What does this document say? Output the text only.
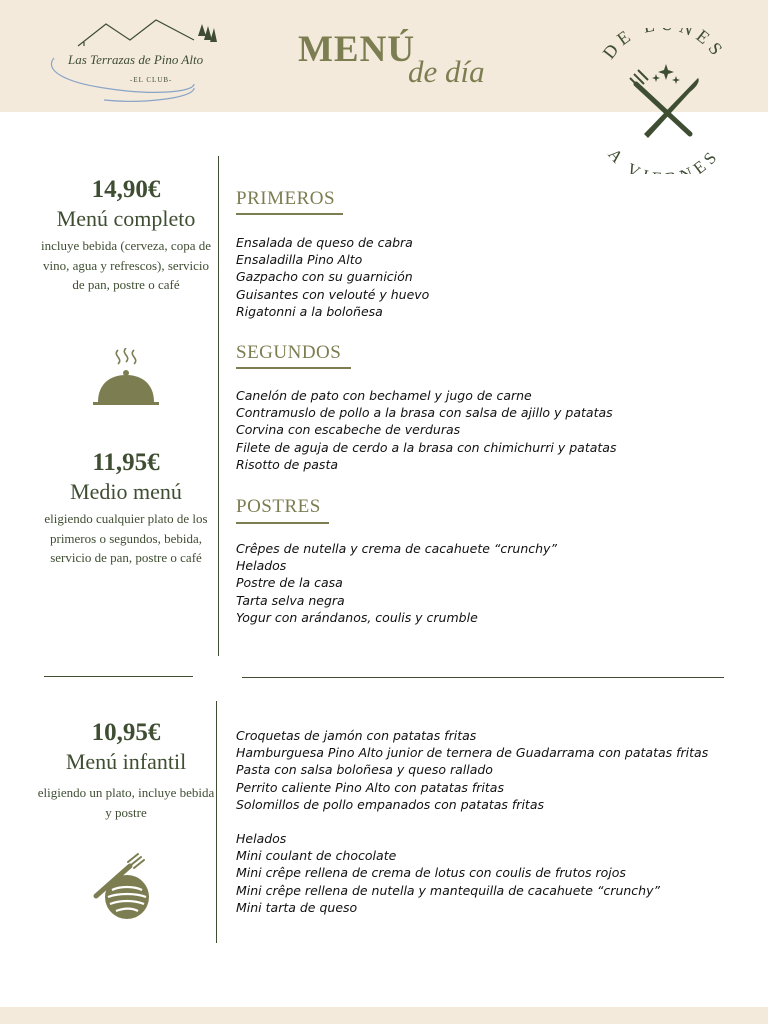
Las Terrazas de Pino Alto
-EL CLUB-
MENÚ
de día
DE NES
A V NES
14,90€
Menú completo
incluye bebida (cerveza, copa de vino, agua y refrescos), servicio de pan, postre o café
11,95€
Medio menú
eligiendo cualquier plato de los primeros o segundos, bebida, servicio de pan, postre o café
10,95€
Menú infantil
eligiendo un plato, incluye bebida y postre
PRIMEROS
Ensalada de queso de cabra
Ensaladilla Pino Alto
Gazpacho con su guarnición
Guisantes con velouté y huevo
Rigatonni a la boloñesa
SEGUNDOS
Canelón de pato con bechamel y jugo de carne
Contramuslo de pollo a la brasa con salsa de ajillo y patatas
Corvina con escabeche de verduras
Filete de aguja de cerdo a la brasa con chimichurri y patatas
Risotto de pasta
POSTRES
Crêpes de nutella y crema de cacahuete “crunchy”
Helados
Postre de la casa
Tarta selva negra
Yogur con arándanos, coulis y crumble
Croquetas de jamón con patatas fritas
Hamburguesa Pino Alto junior de ternera de Guadarrama con patatas fritas
Pasta con salsa boloñesa y queso rallado
Perrito caliente Pino Alto con patatas fritas
Solomillos de pollo empanados con patatas fritas
Helados
Mini coulant de chocolate
Mini crêpe rellena de crema de lotus con coulis de frutos rojos
Mini crêpe rellena de nutella y mantequilla de cacahuete “crunchy”
Mini tarta de queso
